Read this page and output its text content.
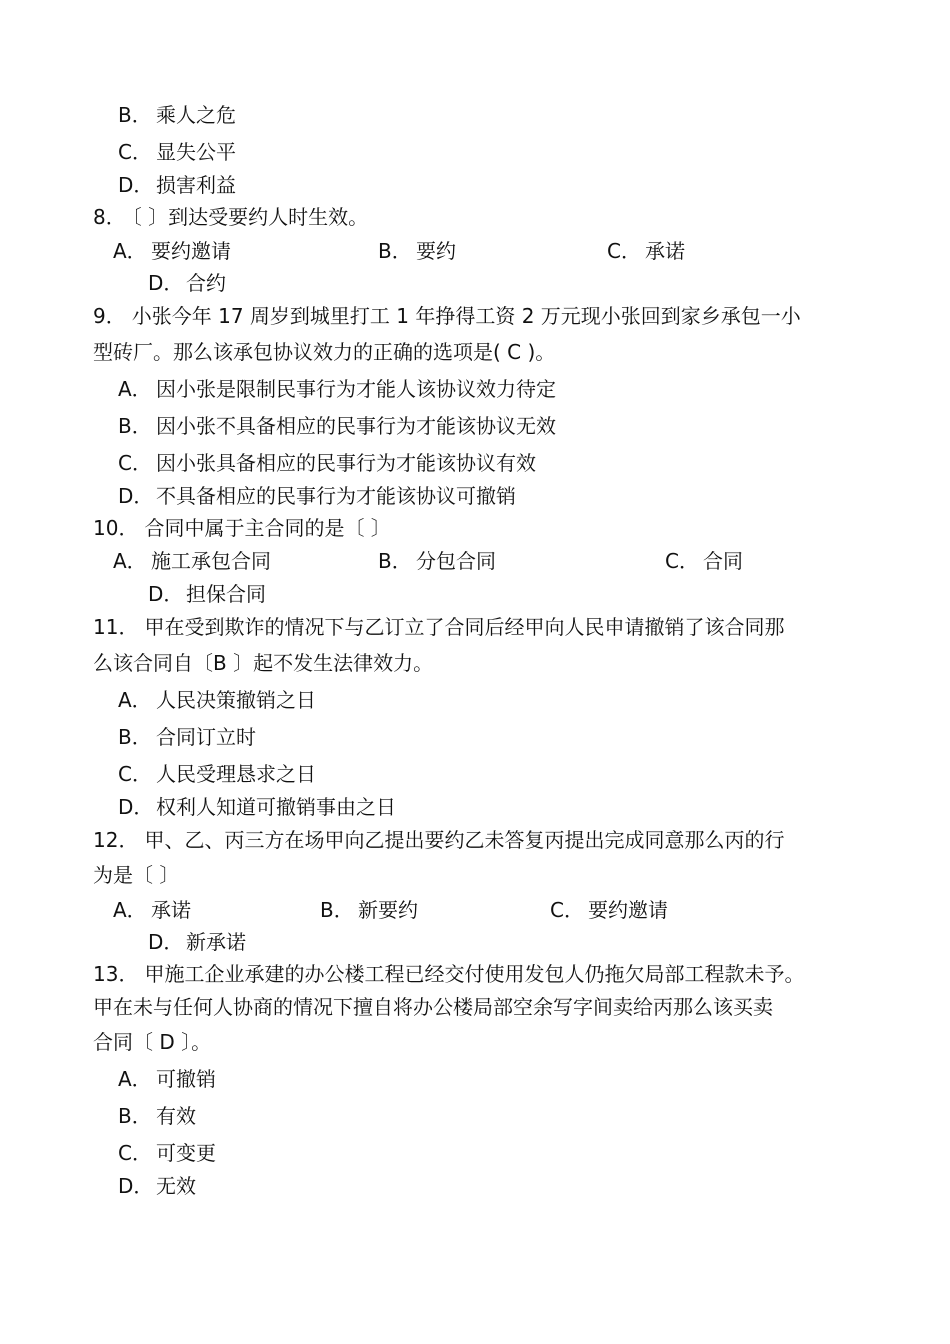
B． 乘人之危
C． 显失公平
D． 损害利益
8． 〔 〕到达受要约人时生效。
A． 要约邀请	B． 要约	C． 承诺
D． 合约
9． 小张今年 17 周岁到城里打工 1 年挣得工资 2 万元现小张回到家乡承包一小
型砖厂。那么该承包协议效力的正确的选项是( C )。
A． 因小张是限制民事行为才能人该协议效力待定
B． 因小张不具备相应的民事行为才能该协议无效
C． 因小张具备相应的民事行为才能该协议有效
D． 不具备相应的民事行为才能该协议可撤销
10． 合同中属于主合同的是〔 〕
A． 施工承包合同	B． 分包合同	C． 合同
D． 担保合同
11． 甲在受到欺诈的情况下与乙订立了合同后经甲向人民申请撤销了该合同那
么该合同自〔B 〕起不发生法律效力。
A． 人民决策撤销之日
B． 合同订立时
C． 人民受理恳求之日
D． 权利人知道可撤销事由之日
12． 甲、乙、丙三方在场甲向乙提出要约乙未答复丙提出完成同意那么丙的行
为是〔 〕
A． 承诺	B． 新要约	C． 要约邀请
D． 新承诺
13． 甲施工企业承建的办公楼工程已经交付使用发包人仍拖欠局部工程款未予。
甲在未与任何人协商的情况下擅自将办公楼局部空余写字间卖给丙那么该买卖
合同〔 D 〕。
A． 可撤销
B． 有效
C． 可变更
D． 无效
